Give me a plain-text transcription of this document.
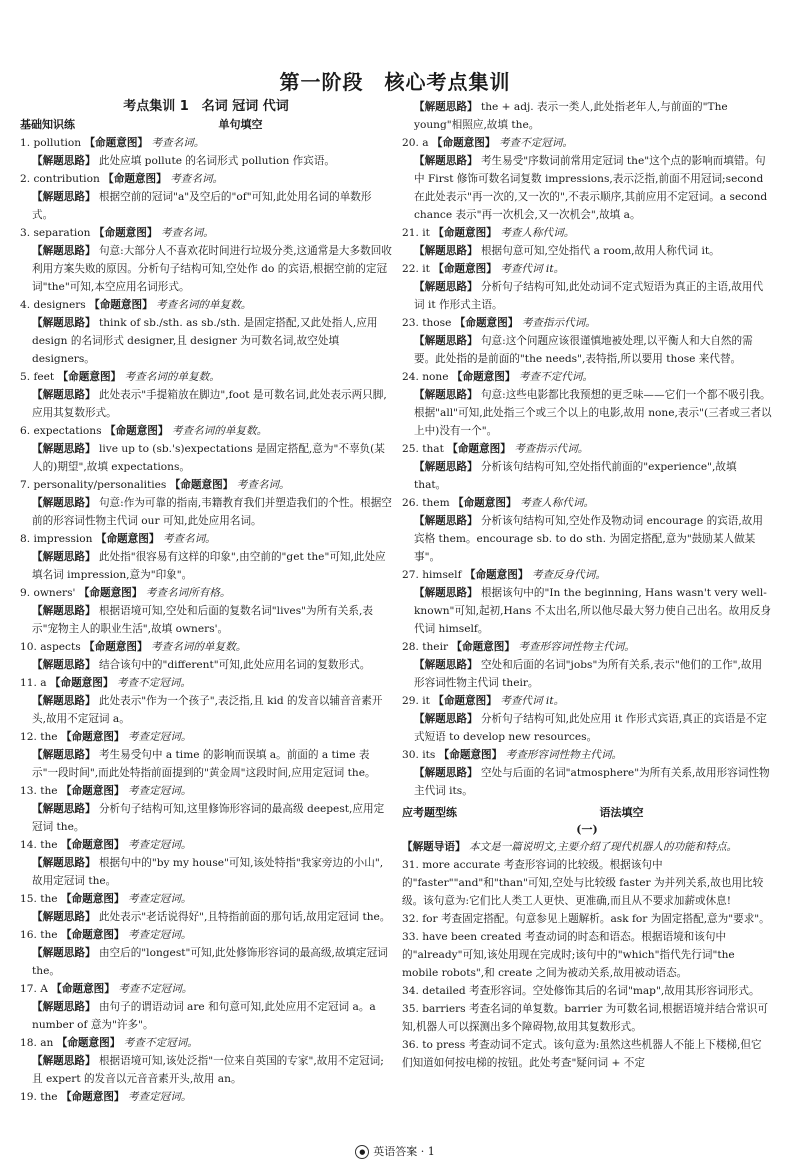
第一阶段　核心考点集训
考点集训 1　名词 冠词 代词
基础知识练	单句填空
1. pollution 【命题意图】 考查名词。
【解题思路】 此处应填 pollute 的名词形式 pollution 作宾语。
2. contribution 【命题意图】 考查名词。
【解题思路】 根据空前的冠词"a"及空后的"of"可知,此处用名词的单数形式。
3. separation 【命题意图】 考查名词。
【解题思路】 句意:大部分人不喜欢花时间进行垃圾分类,这通常是大多数回收利用方案失败的原因。分析句子结构可知,空处作 do 的宾语,根据空前的定冠词"the"可知,本空应用名词形式。
4. designers 【命题意图】 考查名词的单复数。
【解题思路】 think of sb./sth. as sb./sth. 是固定搭配,又此处指人,应用 design 的名词形式 designer,且 designer 为可数名词,故空处填 designers。
5. feet 【命题意图】 考查名词的单复数。
【解题思路】 此处表示"手提箱放在脚边",foot 是可数名词,此处表示两只脚,应用其复数形式。
6. expectations 【命题意图】 考查名词的单复数。
【解题思路】 live up to (sb.'s)expectations 是固定搭配,意为"不辜负(某人的)期望",故填 expectations。
7. personality/personalities 【命题意图】 考查名词。
【解题思路】 句意:作为可靠的指南,韦籍教育我们并塑造我们的个性。根据空前的形容词性物主代词 our 可知,此处应用名词。
8. impression 【命题意图】 考查名词。
【解题思路】 此处指"很容易有这样的印象",由空前的"get the"可知,此处应填名词 impression,意为"印象"。
9. owners' 【命题意图】 考查名词所有格。
【解题思路】 根据语境可知,空处和后面的复数名词"lives"为所有关系,表示"宠物主人的职业生活",故填 owners'。
10. aspects 【命题意图】 考查名词的单复数。
【解题思路】 结合该句中的"different"可知,此处应用名词的复数形式。
11. a 【命题意图】 考查不定冠词。
【解题思路】 此处表示"作为一个孩子",表泛指,且 kid 的发音以辅音音素开头,故用不定冠词 a。
12. the 【命题意图】 考查定冠词。
【解题思路】 考生易受句中 a time 的影响而误填 a。前面的 a time 表示"一段时间",而此处特指前面提到的"黄金周"这段时间,应用定冠词 the。
13. the 【命题意图】 考查定冠词。
【解题思路】 分析句子结构可知,这里修饰形容词的最高级 deepest,应用定冠词 the。
14. the 【命题意图】 考查定冠词。
【解题思路】 根据句中的"by my house"可知,该处特指"我家旁边的小山",故用定冠词 the。
15. the 【命题意图】 考查定冠词。
【解题思路】 此处表示"老话说得好",且特指前面的那句话,故用定冠词 the。
16. the 【命题意图】 考查定冠词。
【解题思路】 由空后的"longest"可知,此处修饰形容词的最高级,故填定冠词 the。
17. A 【命题意图】 考查不定冠词。
【解题思路】 由句子的谓语动词 are 和句意可知,此处应用不定冠词 a。a number of 意为"许多"。
18. an 【命题意图】 考查不定冠词。
【解题思路】 根据语境可知,该处泛指"一位来自英国的专家",故用不定冠词;且 expert 的发音以元音音素开头,故用 an。
19. the 【命题意图】 考查定冠词。
【解题思路】 the + adj. 表示一类人,此处指老年人,与前面的"The young"相照应,故填 the。
20. a 【命题意图】 考查不定冠词。
【解题思路】 考生易受"序数词前常用定冠词 the"这个点的影响而填错。句中 First 修饰可数名词复数 impressions,表示泛指,前面不用冠词;second 在此处表示"再一次的,又一次的",不表示顺序,其前应用不定冠词。a second chance 表示"再一次机会,又一次机会",故填 a。
21. it 【命题意图】 考查人称代词。
【解题思路】 根据句意可知,空处指代 a room,故用人称代词 it。
22. it 【命题意图】 考查代词 it。
【解题思路】 分析句子结构可知,此处动词不定式短语为真正的主语,故用代词 it 作形式主语。
23. those 【命题意图】 考查指示代词。
【解题思路】 句意:这个问题应该很谨慎地被处理,以平衡人和大自然的需要。此处指的是前面的"the needs",表特指,所以要用 those 来代替。
24. none 【命题意图】 考查不定代词。
【解题思路】 句意:这些电影都比我预想的更乏味——它们一个都不吸引我。根据"all"可知,此处指三个或三个以上的电影,故用 none,表示"(三者或三者以上中)没有一个"。
25. that 【命题意图】 考查指示代词。
【解题思路】 分析该句结构可知,空处指代前面的"experience",故填 that。
26. them 【命题意图】 考查人称代词。
【解题思路】 分析该句结构可知,空处作及物动词 encourage 的宾语,故用宾格 them。encourage sb. to do sth. 为固定搭配,意为"鼓励某人做某事"。
27. himself 【命题意图】 考查反身代词。
【解题思路】 根据该句中的"In the beginning, Hans wasn't very well-known"可知,起初,Hans 不太出名,所以他尽最大努力使自己出名。故用反身代词 himself。
28. their 【命题意图】 考查形容词性物主代词。
【解题思路】 空处和后面的名词"jobs"为所有关系,表示"他们的工作",故用形容词性物主代词 their。
29. it 【命题意图】 考查代词 it。
【解题思路】 分析句子结构可知,此处应用 it 作形式宾语,真正的宾语是不定式短语 to develop new resources。
30. its 【命题意图】 考查形容词性物主代词。
【解题思路】 空处与后面的名词"atmosphere"为所有关系,故用形容词性物主代词 its。
应考题型练	语法填空
(一)
【解题导语】 本文是一篇说明文,主要介绍了现代机器人的功能和特点。
31. more accurate 考查形容词的比较级。根据该句中的"faster""and"和"than"可知,空处与比较级 faster 为并列关系,故也用比较级。该句意为:它们比人类工人更快、更准确,而且从不要求加薪或休息!
32. for 考查固定搭配。句意参见上题解析。ask for 为固定搭配,意为"要求"。
33. have been created 考查动词的时态和语态。根据语境和该句中的"already"可知,该处用现在完成时;该句中的"which"指代先行词"the mobile robots",和 create 之间为被动关系,故用被动语态。
34. detailed 考查形容词。空处修饰其后的名词"map",故用其形容词形式。
35. barriers 考查名词的单复数。barrier 为可数名词,根据语境并结合常识可知,机器人可以探测出多个障碍物,故用其复数形式。
36. to press 考查动词不定式。该句意为:虽然这些机器人不能上下楼梯,但它们知道如何按电梯的按钮。此处考查"疑问词 + 不定
● 英语答案 · 1
